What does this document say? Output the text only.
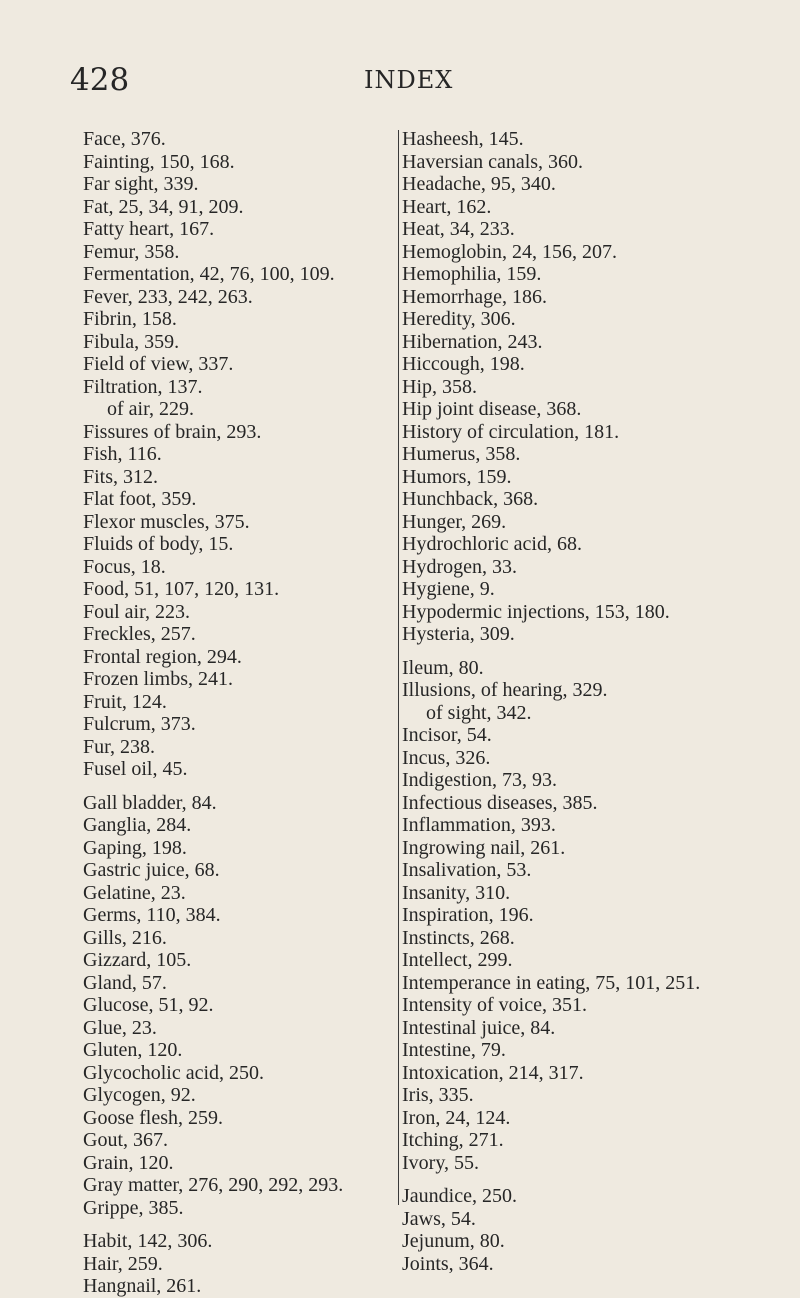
428	INDEX
Face, 376.
Fainting, 150, 168.
Far sight, 339.
Fat, 25, 34, 91, 209.
Fatty heart, 167.
Femur, 358.
Fermentation, 42, 76, 100, 109.
Fever, 233, 242, 263.
Fibrin, 158.
Fibula, 359.
Field of view, 337.
Filtration, 137.
of air, 229.
Fissures of brain, 293.
Fish, 116.
Fits, 312.
Flat foot, 359.
Flexor muscles, 375.
Fluids of body, 15.
Focus, 18.
Food, 51, 107, 120, 131.
Foul air, 223.
Freckles, 257.
Frontal region, 294.
Frozen limbs, 241.
Fruit, 124.
Fulcrum, 373.
Fur, 238.
Fusel oil, 45.
Gall bladder, 84.
Ganglia, 284.
Gaping, 198.
Gastric juice, 68.
Gelatine, 23.
Germs, 110, 384.
Gills, 216.
Gizzard, 105.
Gland, 57.
Glucose, 51, 92.
Glue, 23.
Gluten, 120.
Glycocholic acid, 250.
Glycogen, 92.
Goose flesh, 259.
Gout, 367.
Grain, 120.
Gray matter, 276, 290, 292, 293.
Grippe, 385.
Habit, 142, 306.
Hair, 259.
Hangnail, 261.
Hasheesh, 145.
Haversian canals, 360.
Headache, 95, 340.
Heart, 162.
Heat, 34, 233.
Hemoglobin, 24, 156, 207.
Hemophilia, 159.
Hemorrhage, 186.
Heredity, 306.
Hibernation, 243.
Hiccough, 198.
Hip, 358.
Hip joint disease, 368.
History of circulation, 181.
Humerus, 358.
Humors, 159.
Hunchback, 368.
Hunger, 269.
Hydrochloric acid, 68.
Hydrogen, 33.
Hygiene, 9.
Hypodermic injections, 153, 180.
Hysteria, 309.
Ileum, 80.
Illusions, of hearing, 329.
of sight, 342.
Incisor, 54.
Incus, 326.
Indigestion, 73, 93.
Infectious diseases, 385.
Inflammation, 393.
Ingrowing nail, 261.
Insalivation, 53.
Insanity, 310.
Inspiration, 196.
Instincts, 268.
Intellect, 299.
Intemperance in eating, 75, 101, 251.
Intensity of voice, 351.
Intestinal juice, 84.
Intestine, 79.
Intoxication, 214, 317.
Iris, 335.
Iron, 24, 124.
Itching, 271.
Ivory, 55.
Jaundice, 250.
Jaws, 54.
Jejunum, 80.
Joints, 364.
